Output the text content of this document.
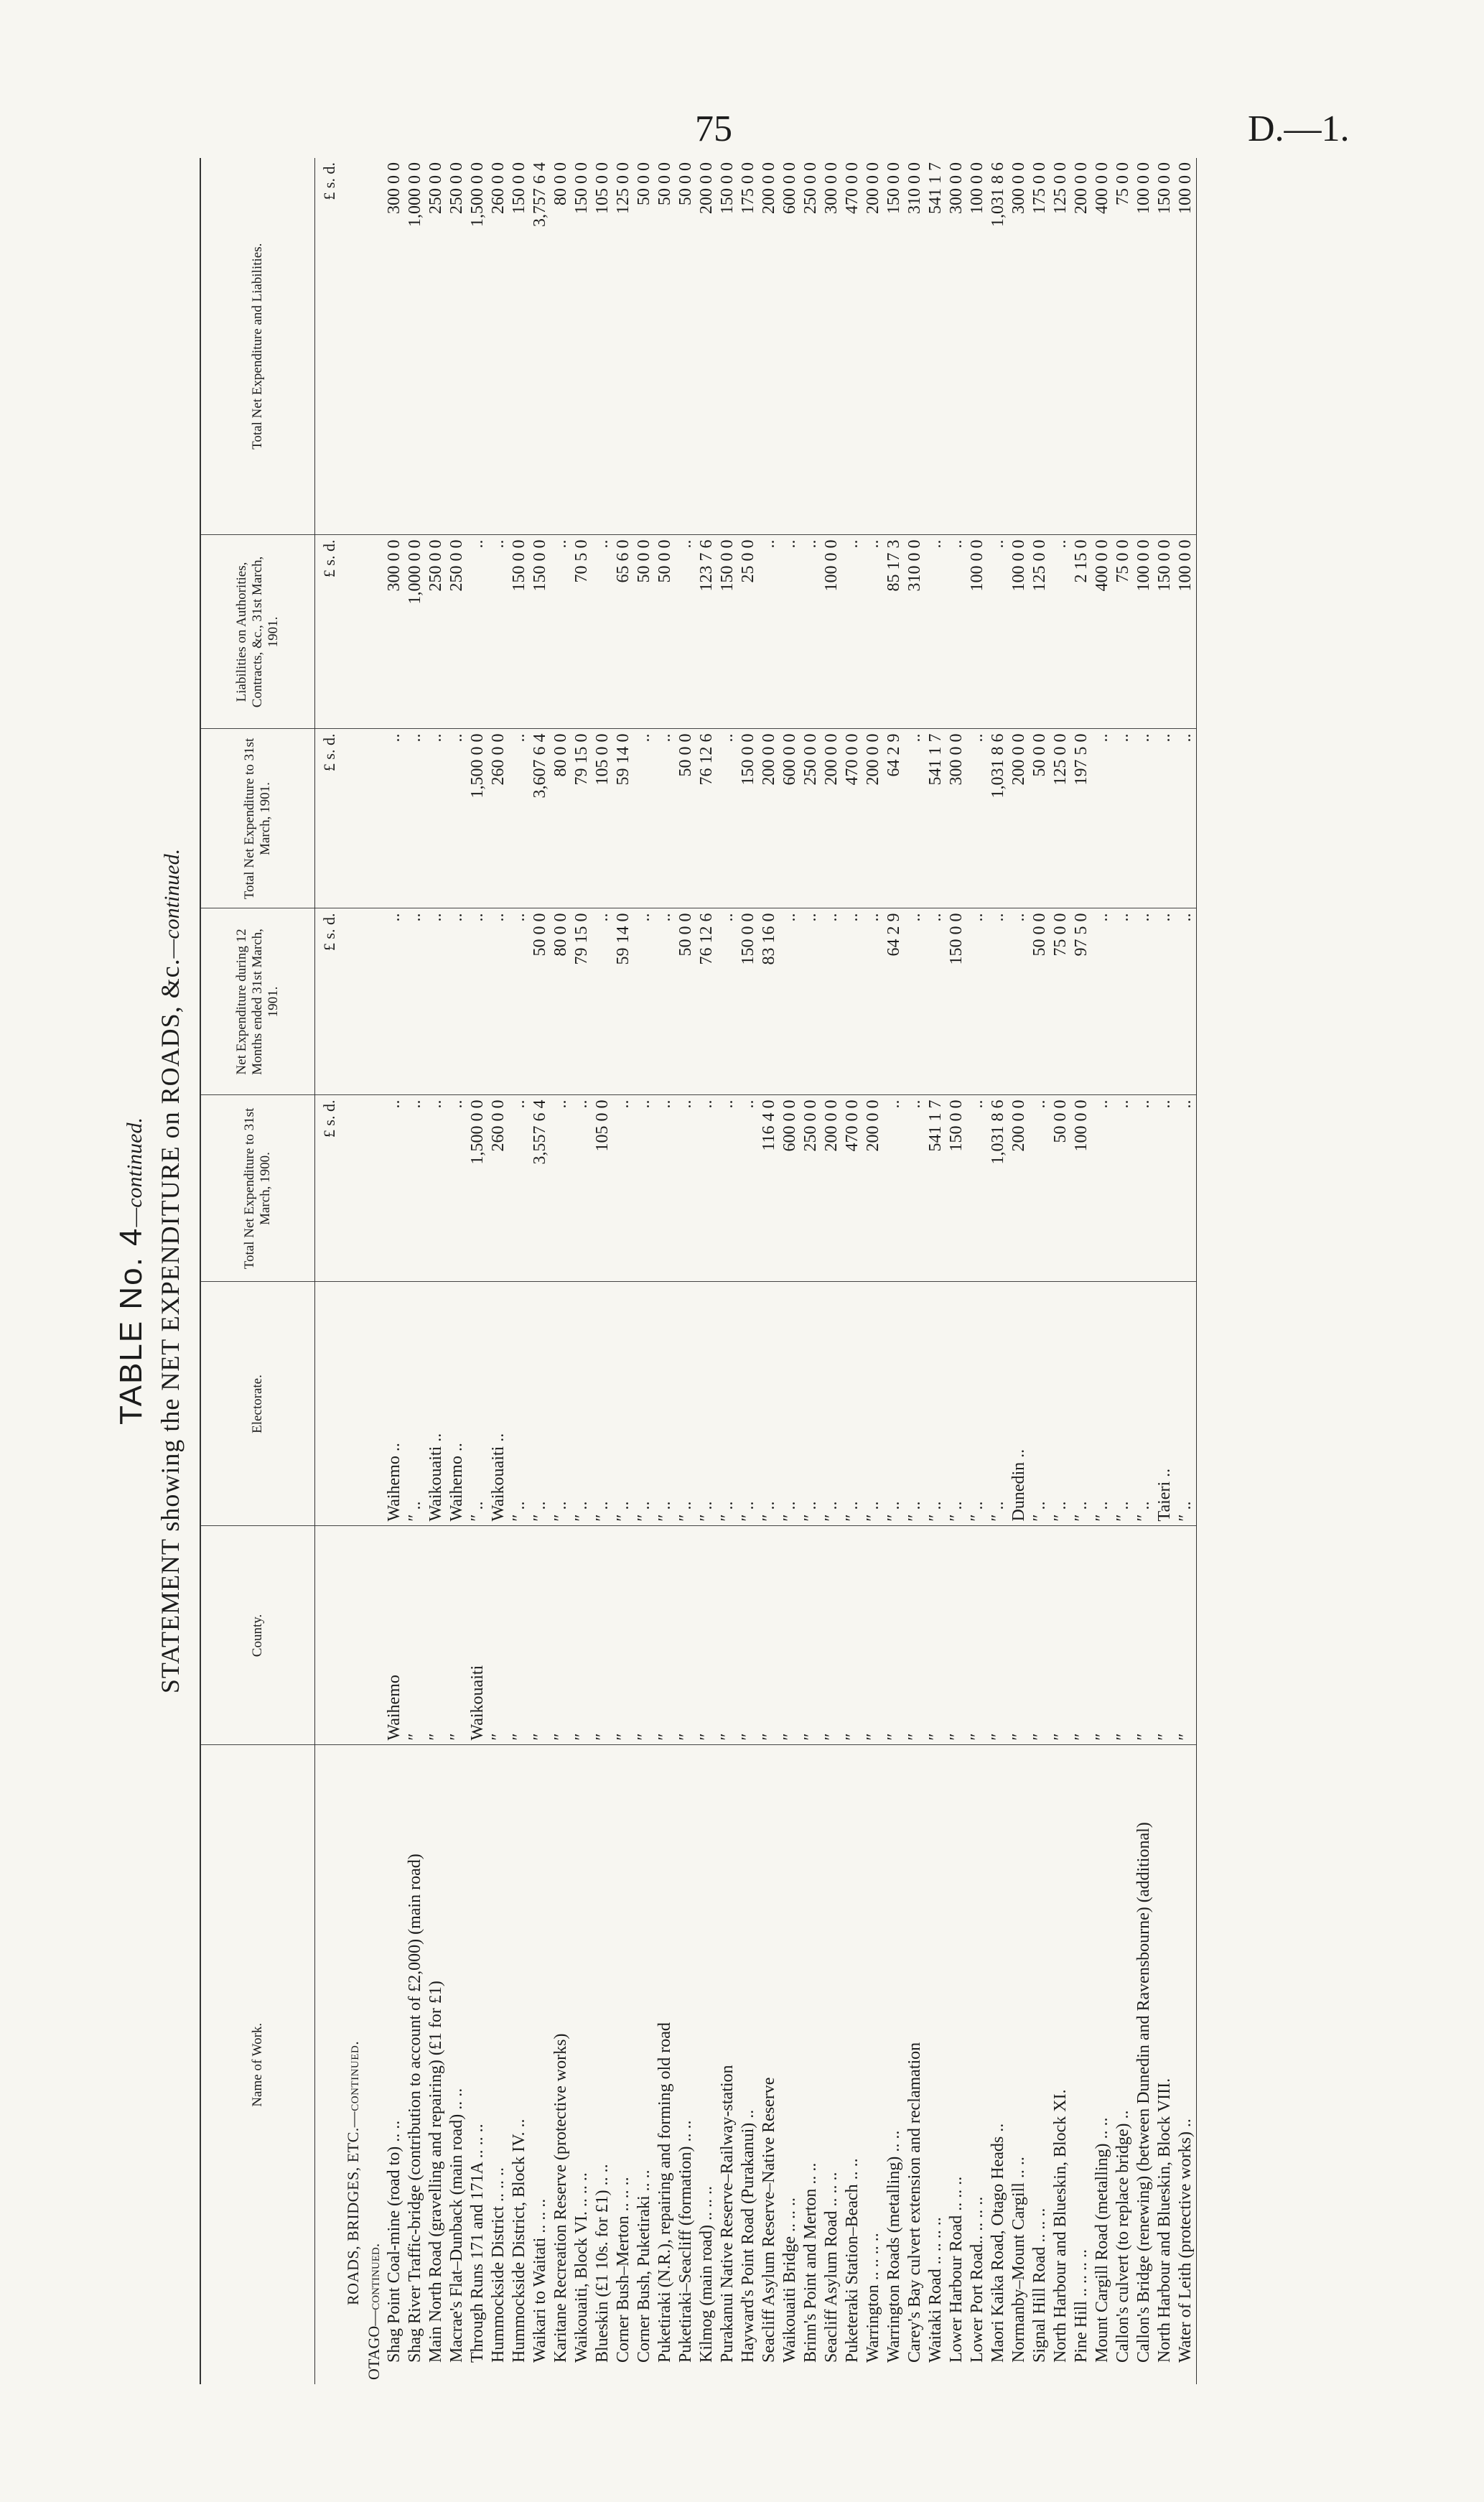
75	D.—1.
TABLE No. 4—continued. STATEMENT showing the NET EXPENDITURE on ROADS, &c.—continued.
Name of Work.	County.	Electorate.	Total Net Expenditure to 31st March, 1900.	Net Expenditure during 12 Months ended 31st March, 1901.	Total Net Expenditure to 31st March, 1901.	Liabilities on Authorities, Contracts, &c., 31st March, 1901.	Total Net Expenditure and Liabilities.
			£ s. d.	£ s. d.	£ s. d.	£ s. d.	£ s. d.
ROADS, BRIDGES, ETC.—continued.							
OTAGO—continued.							
Shag Point Coal-mine (road to) .. ..	Waihemo	Waihemo ..	..	..	..	300 0 0	300 0 0
Shag River Traffic-bridge (contribution to account of £2,000) (main road)	″	″ ..	..	..	..	1,000 0 0	1,000 0 0
Main North Road (gravelling and repairing) (£1 for £1)	″	Waikouaiti ..	..	..	..	250 0 0	250 0 0
Macrae's Flat–Dunback (main road) .. ..	″	Waihemo ..	..	..	..	250 0 0	250 0 0
Through Runs 171 and 171A .. .. ..	Waikouaiti	″ ..	1,500 0 0	..	1,500 0 0	..	1,500 0 0
Hummockside District .. .. ..	″	Waikouaiti ..	260 0 0	..	260 0 0	..	260 0 0
Hummockside District, Block IV. ..	″	″ ..	..	..	..	150 0 0	150 0 0
Waikari to Waitati .. .. ..	″	″ ..	3,557 6 4	50 0 0	3,607 6 4	150 0 0	3,757 6 4
Karitane Recreation Reserve (protective works)	″	″ ..	..	80 0 0	80 0 0	..	80 0 0
Waikouaiti, Block VI. .. .. ..	″	″ ..	..	79 15 0	79 15 0	70 5 0	150 0 0
Blueskin (£1 10s. for £1) .. ..	″	″ ..	105 0 0	..	105 0 0	..	105 0 0
Corner Bush–Merton .. .. ..	″	″ ..	..	59 14 0	59 14 0	65 6 0	125 0 0
Corner Bush, Puketiraki .. ..	″	″ ..	..	..	..	50 0 0	50 0 0
Puketiraki (N.R.), repairing and forming old road	″	″ ..	..	..	..	50 0 0	50 0 0
Puketiraki–Seacliff (formation) .. ..	″	″ ..	..	50 0 0	50 0 0	..	50 0 0
Kilmog (main road) .. .. ..	″	″ ..	..	76 12 6	76 12 6	123 7 6	200 0 0
Purakanui Native Reserve–Railway-station	″	″ ..	..	..	..	150 0 0	150 0 0
Hayward's Point Road (Purakanui) ..	″	″ ..	..	150 0 0	150 0 0	25 0 0	175 0 0
Seacliff Asylum Reserve–Native Reserve	″	″ ..	116 4 0	83 16 0	200 0 0	..	200 0 0
Waikouaiti Bridge .. .. ..	″	″ ..	600 0 0	..	600 0 0	..	600 0 0
Brinn's Point and Merton .. ..	″	″ ..	250 0 0	..	250 0 0	..	250 0 0
Seacliff Asylum Road .. .. ..	″	″ ..	200 0 0	..	200 0 0	100 0 0	300 0 0
Puketeraki Station–Beach .. ..	″	″ ..	470 0 0	..	470 0 0	..	470 0 0
Warrington .. .. .. ..	″	″ ..	200 0 0	..	200 0 0	..	200 0 0
Warrington Roads (metalling) .. ..	″	″ ..	..	64 2 9	64 2 9	85 17 3	150 0 0
Carey's Bay culvert extension and reclamation	″	″ ..	..	..	..	310 0 0	310 0 0
Waitaki Road .. .. .. ..	″	″ ..	541 1 7	..	541 1 7	..	541 1 7
Lower Harbour Road .. .. ..	″	″ ..	150 0 0	150 0 0	300 0 0	..	300 0 0
Lower Port Road.. .. .. ..	″	″ ..	..	..	..	100 0 0	100 0 0
Maori Kaika Road, Otago Heads ..	″	″ ..	1,031 8 6	..	1,031 8 6	..	1,031 8 6
Normanby–Mount Cargill .. ..	″	Dunedin ..	200 0 0	..	200 0 0	100 0 0	300 0 0
Signal Hill Road .. .. ..	″	″ ..	..	50 0 0	50 0 0	125 0 0	175 0 0
North Harbour and Blueskin, Block XI.	″	″ ..	50 0 0	75 0 0	125 0 0	..	125 0 0
Pine Hill .. .. .. ..	″	″ ..	100 0 0	97 5 0	197 5 0	2 15 0	200 0 0
Mount Cargill Road (metalling) .. ..	″	″ ..	..	..	..	400 0 0	400 0 0
Callon's culvert (to replace bridge) ..	″	″ ..	..	..	..	75 0 0	75 0 0
Callon's Bridge (renewing) (between Dunedin and Ravensbourne) (additional)	″	″ ..	..	..	..	100 0 0	100 0 0
North Harbour and Blueskin, Block VIII.	″	Taieri ..	..	..	..	150 0 0	150 0 0
Water of Leith (protective works) ..	″	″ ..	..	..	..	100 0 0	100 0 0
